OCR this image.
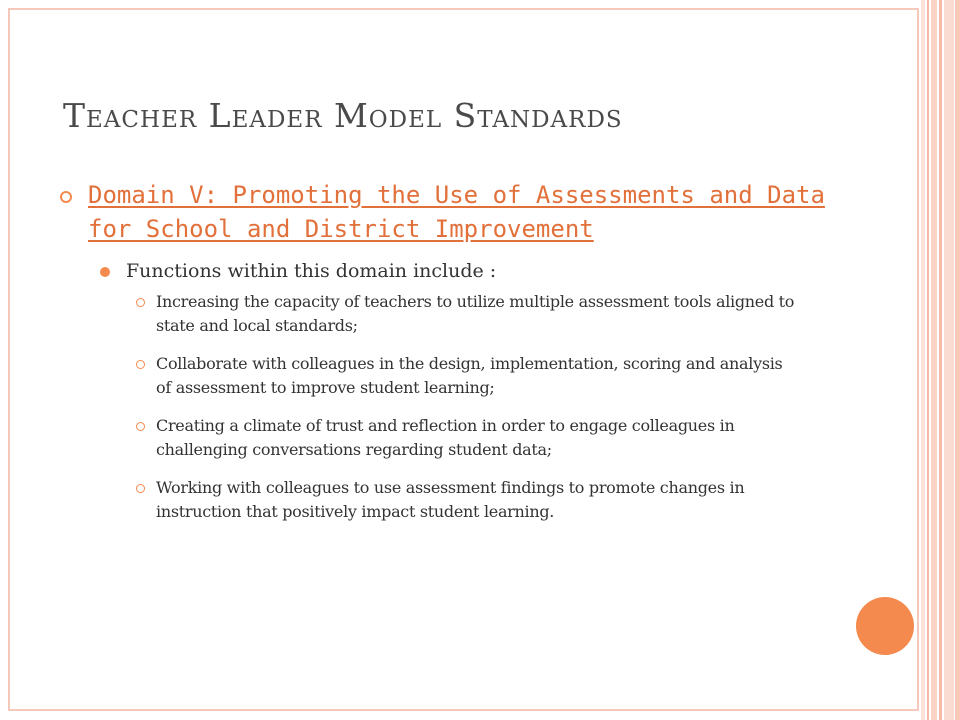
Teacher Leader Model Standards
Domain V: Promoting the Use of Assessments and Data for School and District Improvement
Functions within this domain include :
Increasing the capacity of teachers to utilize multiple assessment tools aligned to state and local standards;
Collaborate with colleagues in the design, implementation, scoring and analysis of assessment to improve student learning;
Creating a climate of trust and reflection in order to engage colleagues in challenging conversations regarding student data;
Working with colleagues to use assessment findings to promote changes in instruction that positively impact student learning.
